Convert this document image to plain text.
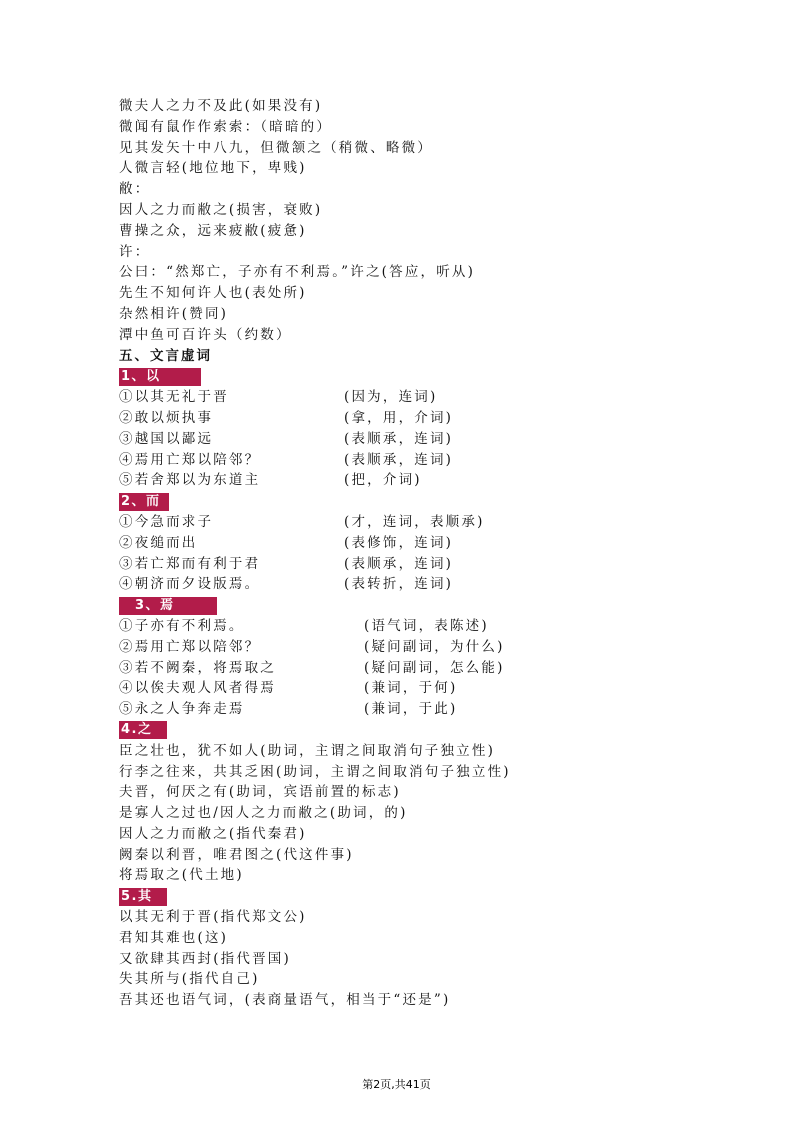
微夫人之力不及此(如果没有)
微闻有鼠作作索索：（暗暗的）
见其发矢十中八九，但微颔之（稍微、略微）
人微言轻(地位地下，卑贱)
敝：
因人之力而敝之(损害，衰败)
曹操之众，远来疲敝(疲惫)
许：
公曰：“然郑亡，子亦有不利焉。”许之(答应，听从)
先生不知何许人也(表处所)
杂然相许(赞同)
潭中鱼可百许头（约数）
五、文言虚词
1、以
①以其无礼于晋	(因为，连词)
②敢以烦执事	(拿，用，介词)
③越国以鄙远	(表顺承，连词)
④焉用亡郑以陪邻？	(表顺承，连词)
⑤若舍郑以为东道主	(把，介词)
2、而
①今急而求子	(才，连词，表顺承)
②夜缒而出	(表修饰，连词)
③若亡郑而有利于君	(表顺承，连词)
④朝济而夕设版焉。	(表转折，连词)
3、焉
①子亦有不利焉。	(语气词，表陈述)
②焉用亡郑以陪邻？	(疑问副词，为什么)
③若不阙秦，将焉取之	(疑问副词，怎么能)
④以俟夫观人风者得焉	(兼词，于何)
⑤永之人争奔走焉	(兼词，于此)
4.之
臣之壮也，犹不如人(助词，主谓之间取消句子独立性)
行李之往来，共其乏困(助词，主谓之间取消句子独立性)
夫晋，何厌之有(助词，宾语前置的标志)
是寡人之过也/因人之力而敝之(助词，的)
因人之力而敝之(指代秦君)
阙秦以利晋，唯君图之(代这件事)
将焉取之(代土地)
5.其
以其无利于晋(指代郑文公)
君知其难也(这)
又欲肆其西封(指代晋国)
失其所与(指代自己)
吾其还也语气词，(表商量语气，相当于“还是”)
第2页,共41页
